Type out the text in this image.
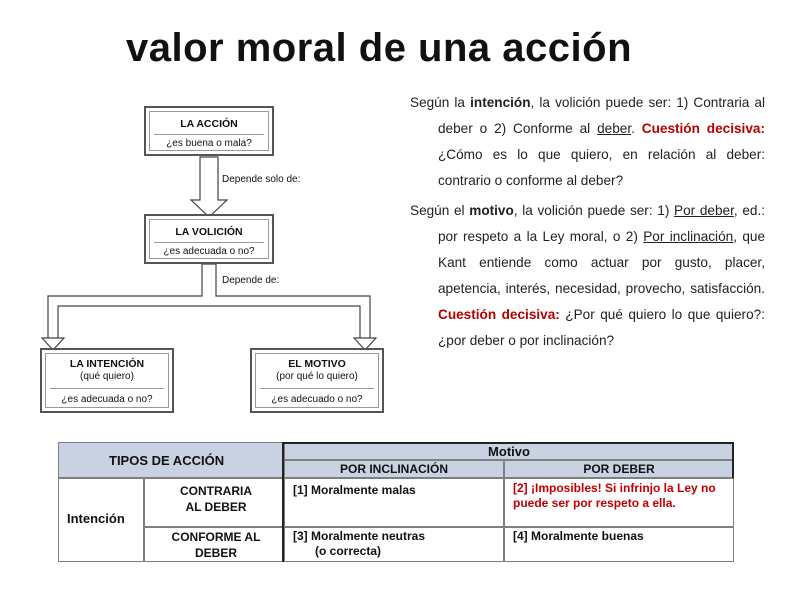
valor moral de una acción
LA ACCIÓN
¿es buena o mala?
Depende solo de:
LA VOLICIÓN
¿es adecuada o no?
Depende de:
LA INTENCIÓN
(qué quiero)
¿es adecuada o no?
EL MOTIVO
(por qué lo quiero)
¿es adecuado o no?

Según la intención, la volición puede ser: 1) Contraria al deber o 2) Conforme al deber. Cuestión decisiva: ¿Cómo es lo que quiero, en relación al deber: contrario o conforme al deber?

Según el motivo, la volición puede ser: 1) Por deber, ed.: por respeto a la Ley moral, o 2) Por inclinación, que Kant entiende como actuar por gusto, placer, apetencia, interés, necesidad, provecho, satisfacción. Cuestión decisiva: ¿Por qué quiero lo que quiero?: ¿por deber o por inclinación?

TIPOS DE ACCIÓN
Motivo
POR INCLINACIÓN	POR DEBER
Intención
CONTRARIA AL DEBER
CONFORME AL DEBER
[1] Moralmente malas	[2] ¡Imposibles! Si infrinjo la Ley no puede ser por respeto a ella.
[3] Moralmente neutras
(o correcta)
[4] Moralmente buenas
